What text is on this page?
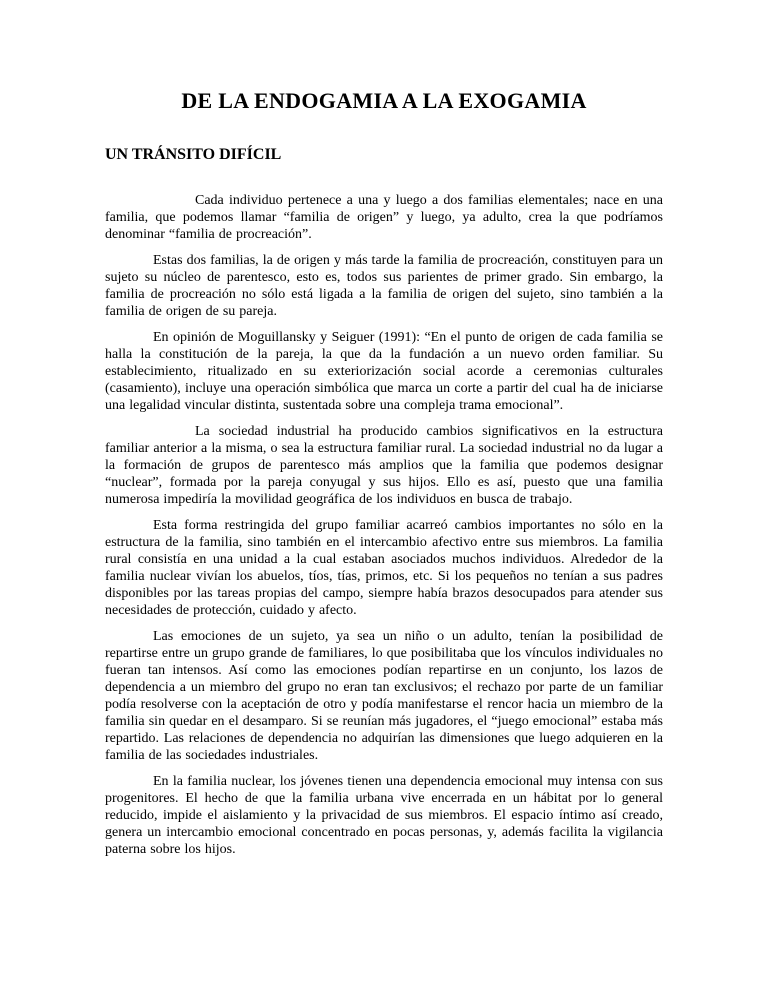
DE LA ENDOGAMIA A LA EXOGAMIA
UN TRÁNSITO DIFÍCIL

Cada individuo pertenece a una y luego a dos familias elementales; nace en una familia, que podemos llamar “familia de origen” y luego, ya adulto, crea la que podríamos denominar “familia de procreación”.

Estas dos familias, la de origen y más tarde la familia de procreación, constituyen para un sujeto su núcleo de parentesco, esto es, todos sus parientes de primer grado. Sin embargo, la familia de procreación no sólo está ligada a la familia de origen del sujeto, sino también a la familia de origen de su pareja.

En opinión de Moguillansky y Seiguer (1991): “En el punto de origen de cada familia se halla la constitución de la pareja, la que da la fundación a un nuevo orden familiar. Su establecimiento, ritualizado en su exteriorización social acorde a ceremonias culturales (casamiento), incluye una operación simbólica que marca un corte a partir del cual ha de iniciarse una legalidad vincular distinta, sustentada sobre una compleja trama emocional”.

La sociedad industrial ha producido cambios significativos en la estructura familiar anterior a la misma, o sea la estructura familiar rural. La sociedad industrial no da lugar a la formación de grupos de parentesco más amplios que la familia que podemos designar “nuclear”, formada por la pareja conyugal y sus hijos. Ello es así, puesto que una familia numerosa impediría la movilidad geográfica de los individuos en busca de trabajo.

Esta forma restringida del grupo familiar acarreó cambios importantes no sólo en la estructura de la familia, sino también en el intercambio afectivo entre sus miembros. La familia rural consistía en una unidad a la cual estaban asociados muchos individuos. Alrededor de la familia nuclear vivían los abuelos, tíos, tías, primos, etc. Si los pequeños no tenían a sus padres disponibles por las tareas propias del campo, siempre había brazos desocupados para atender sus necesidades de protección, cuidado y afecto.

Las emociones de un sujeto, ya sea un niño o un adulto, tenían la posibilidad de repartirse entre un grupo grande de familiares, lo que posibilitaba que los vínculos individuales no fueran tan intensos. Así como las emociones podían repartirse en un conjunto, los lazos de dependencia a un miembro del grupo no eran tan exclusivos; el rechazo por parte de un familiar podía resolverse con la aceptación de otro y podía manifestarse el rencor hacia un miembro de la familia sin quedar en el desamparo. Si se reunían más jugadores, el “juego emocional” estaba más repartido. Las relaciones de dependencia no adquirían las dimensiones que luego adquieren en la familia de las sociedades industriales.

En la familia nuclear, los jóvenes tienen una dependencia emocional muy intensa con sus progenitores. El hecho de que la familia urbana vive encerrada en un hábitat por lo general reducido, impide el aislamiento y la privacidad de sus miembros. El espacio íntimo así creado, genera un intercambio emocional concentrado en pocas personas, y, además facilita la vigilancia paterna sobre los hijos.
